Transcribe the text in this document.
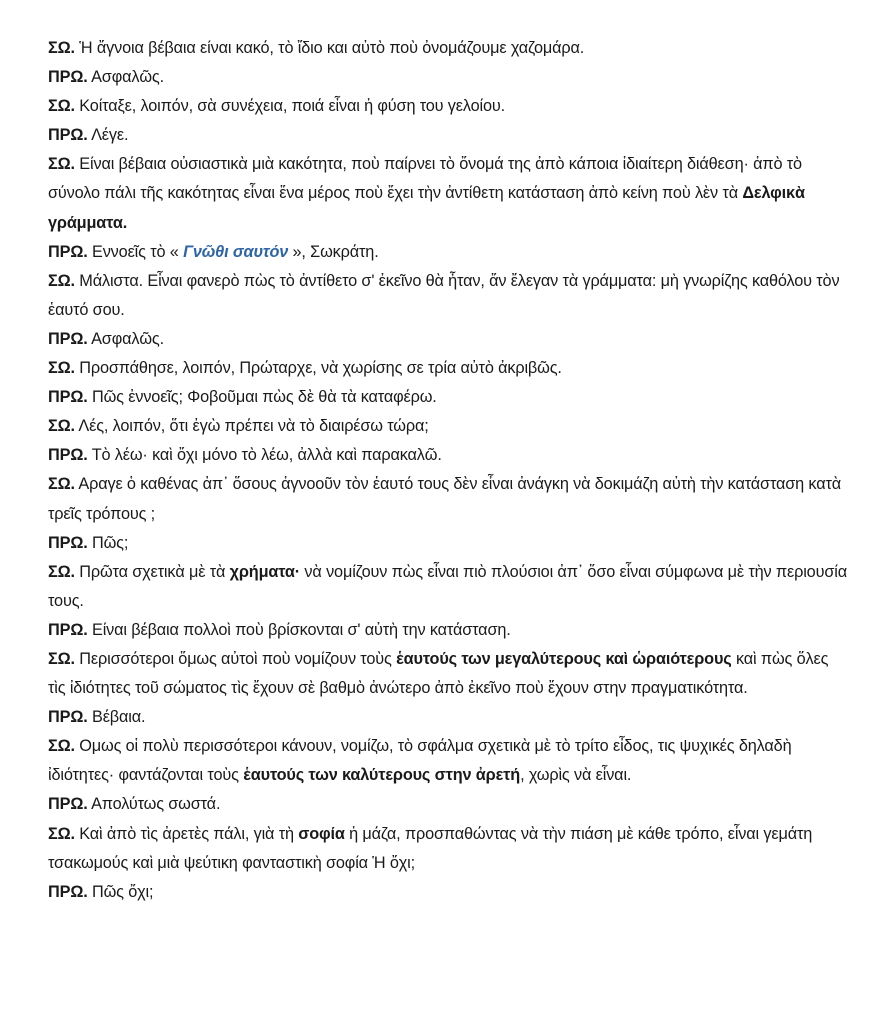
ΣΩ. Ἡ ἄγνοια βέβαια είναι κακό, τὸ ἴδιο και αὐτὸ ποὺ ὀνομάζουμε χαζομάρα.

ΠΡΩ. Ασφαλῶς.

ΣΩ. Κοίταξε, λοιπόν, σὰ συνέχεια, ποιά εἶναι ἡ φύση του γελοίου.

ΠΡΩ. Λέγε.

ΣΩ. Είναι βέβαια οὐσιαστικὰ μιὰ κακότητα, ποὺ παίρνει τὸ ὄνομά της ἀπὸ κάποια ἰδιαίτερη διάθεση· ἀπὸ τὸ σύνολο πάλι τῆς κακότητας εἶναι ἕνα μέρος ποὺ ἔχει τὴν ἀντίθετη κατάσταση ἀπὸ κείνη ποὺ λὲν τὰ Δελφικὰ γράμματα.

ΠΡΩ. Εννοεῖς τὸ « Γνῶθι σαυτόν », Σωκράτη.

ΣΩ. Μάλιστα. Εἶναι φανερὸ πὼς τὸ ἀντίθετο σ' ἐκεῖνο θὰ ἦταν, ἄν ἔλεγαν τὰ γράμματα: μὴ γνωρίζης καθόλου τὸν ἑαυτό σου.

ΠΡΩ. Ασφαλῶς.

ΣΩ. Προσπάθησε, λοιπόν, Πρώταρχε, νὰ χωρίσης σε τρία αὐτὸ ἀκριβῶς.

ΠΡΩ. Πῶς ἐννοεῖς; Φοβοῦμαι πὼς δὲ θὰ τὰ καταφέρω.

ΣΩ. Λές, λοιπόν, ὅτι ἐγὼ πρέπει νὰ τὸ διαιρέσω τώρα;

ΠΡΩ. Τὸ λέω· καὶ ὄχι μόνο τὸ λέω, ἀλλὰ καὶ παρακαλῶ.

ΣΩ. Αραγε ὁ καθένας ἀπ᾽ ὅσους ἀγνοοῦν τὸν ἑαυτό τους δὲν εἶναι ἀνάγκη νὰ δοκιμάζη αὐτὴ τὴν κατάσταση κατὰ τρεῖς τρόπους ;

ΠΡΩ. Πῶς;

ΣΩ. Πρῶτα σχετικὰ μὲ τὰ χρήματα· νὰ νομίζουν πὼς εἶναι πιὸ πλούσιοι ἀπ᾽ ὅσο εἶναι σύμφωνα μὲ τὴν περιουσία τους.

ΠΡΩ. Είναι βέβαια πολλοὶ ποὺ βρίσκονται σ' αὐτὴ την κατάσταση.

ΣΩ. Περισσότεροι ὅμως αὐτοὶ ποὺ νομίζουν τοὺς ἑαυτούς των μεγαλύτερους καὶ ὡραιότερους καὶ πὼς ὅλες τὶς ἰδιότητες τοῦ σώματος τὶς ἔχουν σὲ βαθμὸ ἀνώτερο ἀπὸ ἐκεῖνο ποὺ ἔχουν στην πραγματικότητα.

ΠΡΩ. Βέβαια.

ΣΩ. Ομως οἱ πολὺ περισσότεροι κάνουν, νομίζω, τὸ σφάλμα σχετικὰ μὲ τὸ τρίτο εἶδος, τις ψυχικές δηλαδὴ ἰδιότητες· φαντάζονται τοὺς ἑαυτούς των καλύτερους στην ἀρετή, χωρὶς νὰ εἶναι.

ΠΡΩ. Απολύτως σωστά.

ΣΩ. Καὶ ἀπὸ τὶς ἀρετὲς πάλι, γιὰ τὴ σοφία ἡ μάζα, προσπαθώντας νὰ τὴν πιάση μὲ κάθε τρόπο, εἶναι γεμάτη τσακωμούς καὶ μιὰ ψεύτικη φανταστικὴ σοφία Ἡ ὄχι;

ΠΡΩ. Πῶς ὄχι;
